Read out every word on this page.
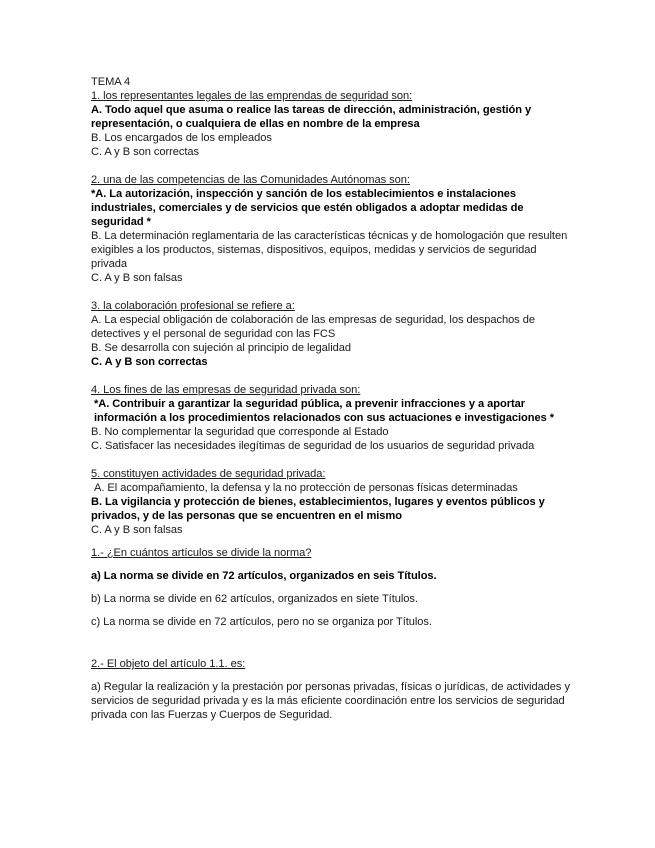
TEMA 4
1. los representantes legales de las emprendas de seguridad son:
A. Todo aquel que asuma o realice las tareas de dirección, administración, gestión y representación, o cualquiera de ellas en nombre de la empresa
B. Los encargados de los empleados
C. A y B son correctas
2. una de las competencias de las Comunidades Autónomas son:
*A. La autorización, inspección y sanción de los establecimientos e instalaciones industriales, comerciales y de servicios que estén obligados a adoptar medidas de seguridad *
B. La determinación reglamentaria de las características técnicas y de homologación que resulten exigibles a los productos, sistemas, dispositivos, equipos, medidas y servicios de seguridad privada
C. A y B son falsas
3. la colaboración profesional se refiere a:
A. La especial obligación de colaboración de las empresas de seguridad, los despachos de detectives y el personal de seguridad con las FCS
B. Se desarrolla con sujeción al principio de legalidad
C. A y B son correctas
4. Los fines de las empresas de seguridad privada son:
*A. Contribuir a garantizar la seguridad pública, a prevenir infracciones y a aportar información a los procedimientos relacionados con sus actuaciones e investigaciones *
B. No complementar la seguridad que corresponde al Estado
C. Satisfacer las necesidades ilegítimas de seguridad de los usuarios de seguridad privada
5. constituyen actividades de seguridad privada:
A. El acompañamiento, la defensa y la no protección de personas físicas determinadas
B. La vigilancia y protección de bienes, establecimientos, lugares y eventos públicos y privados, y de las personas que se encuentren en el mismo
C. A y B son falsas
1.- ¿En cuántos artículos se divide la norma?
a) La norma se divide en 72 artículos, organizados en seis Títulos.
b) La norma se divide en 62 artículos, organizados en siete Títulos.
c) La norma se divide en 72 artículos, pero no se organiza por Títulos.
2.- El objeto del artículo 1.1. es:
a) Regular la realización y la prestación por personas privadas, físicas o jurídicas, de actividades y servicios de seguridad privada y es la más eficiente coordinación entre los servicios de seguridad privada con las Fuerzas y Cuerpos de Seguridad.
